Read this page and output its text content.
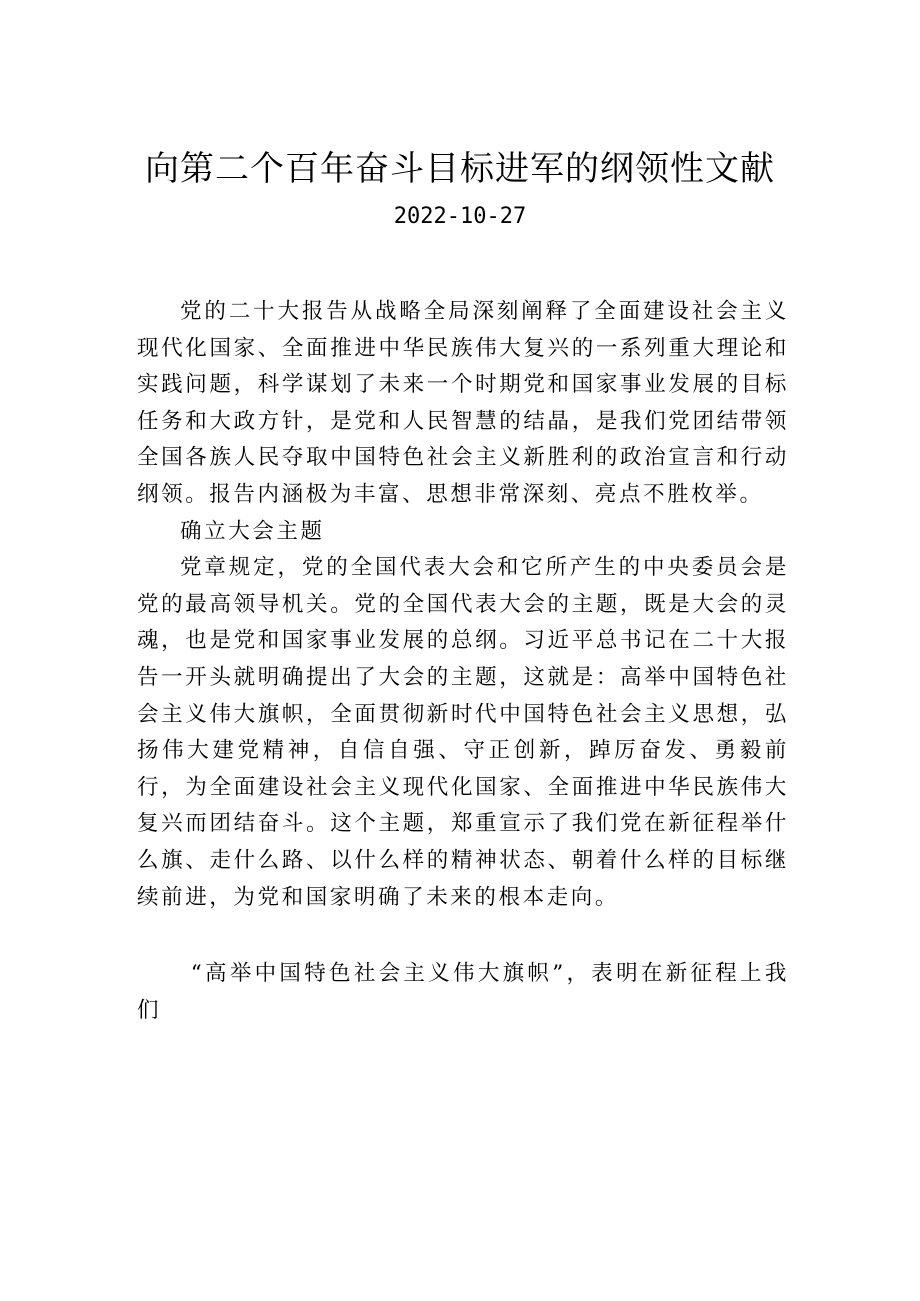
向第二个百年奋斗目标进军的纲领性文献
2022-10-27

党的二十大报告从战略全局深刻阐释了全面建设社会主义现代化国家、全面推进中华民族伟大复兴的一系列重大理论和实践问题，科学谋划了未来一个时期党和国家事业发展的目标任务和大政方针，是党和人民智慧的结晶，是我们党团结带领全国各族人民夺取中国特色社会主义新胜利的政治宣言和行动纲领。报告内涵极为丰富、思想非常深刻、亮点不胜枚举。

确立大会主题

党章规定，党的全国代表大会和它所产生的中央委员会是党的最高领导机关。党的全国代表大会的主题，既是大会的灵魂，也是党和国家事业发展的总纲。习近平总书记在二十大报告一开头就明确提出了大会的主题，这就是：高举中国特色社会主义伟大旗帜，全面贯彻新时代中国特色社会主义思想，弘扬伟大建党精神，自信自强、守正创新，踔厉奋发、勇毅前行，为全面建设社会主义现代化国家、全面推进中华民族伟大复兴而团结奋斗。这个主题，郑重宣示了我们党在新征程举什么旗、走什么路、以什么样的精神状态、朝着什么样的目标继续前进，为党和国家明确了未来的根本走向。

“高举中国特色社会主义伟大旗帜”，表明在新征程上我们
